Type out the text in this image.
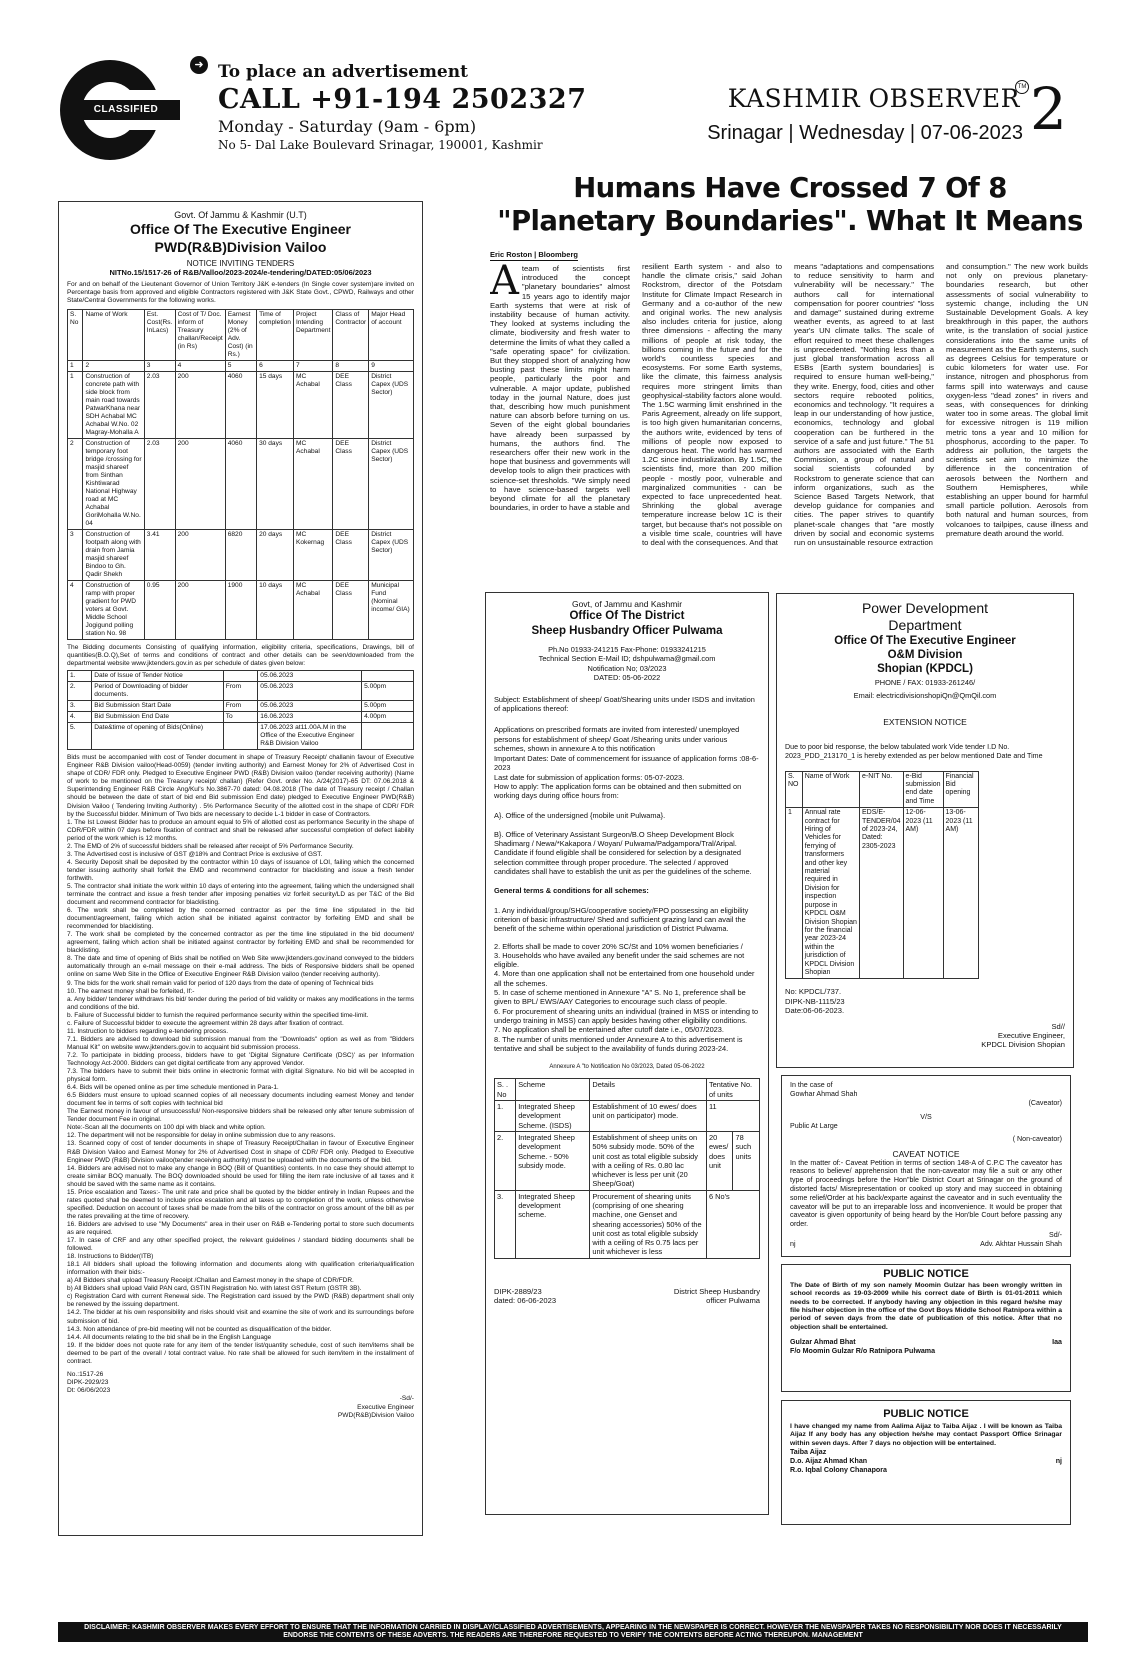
CLASSIFIED
➜ To place an advertisement
CALL +91-194 2502327
Monday - Saturday (9am - 6pm)
No 5- Dal Lake Boulevard Srinagar, 190001, Kashmir
KASHMIR OBSERVER
TM
Srinagar | Wednesday | 07-06-2023 2
Humans Have Crossed 7 Of 8 "Planetary Boundaries". What It Means
Eric Roston | Bloomberg
Ateam of scientists first introduced the concept "planetary boundaries" almost 15 years ago to identify major Earth systems that were at risk of instability because of human activity. They looked at systems including the climate, biodiversity and fresh water to determine the limits of what they called a "safe operating space" for civilization. But they stopped short of analyzing how busting past these limits might harm people, particularly the poor and vulnerable. A major update, published today in the journal Nature, does just that, describing how much punishment nature can absorb before turning on us. Seven of the eight global boundaries have already been surpassed by humans, the authors find. The researchers offer their new work in the hope that business and governments will develop tools to align their practices with science-set thresholds. "We simply need to have science-based targets well beyond climate for all the planetary boundaries, in order to have a stable and
resilient Earth system - and also to handle the climate crisis," said Johan Rockstrom, director of the Potsdam Institute for Climate Impact Research in Germany and a co-author of the new and original works. The new analysis also includes criteria for justice, along three dimensions - affecting the many millions of people at risk today, the billions coming in the future and for the world's countless species and ecosystems. For some Earth systems, like the climate, this fairness analysis requires more stringent limits than geophysical-stability factors alone would. The 1.5C warming limit enshrined in the Paris Agreement, already on life support, is too high given humanitarian concerns, the authors write, evidenced by tens of millions of people now exposed to dangerous heat. The world has warmed 1.2C since industrialization. By 1.5C, the scientists find, more than 200 million people - mostly poor, vulnerable and marginalized communities - can be expected to face unprecedented heat. Shrinking the global average temperature increase below 1C is their target, but because that's not possible on a visible time scale, countries will have to deal with the consequences. And that
means "adaptations and compensations to reduce sensitivity to harm and vulnerability will be necessary." The authors call for international compensation for poorer countries' "loss and damage" sustained during extreme weather events, as agreed to at last year's UN climate talks. The scale of effort required to meet these challenges is unprecedented. "Nothing less than a just global transformation across all ESBs [Earth system boundaries] is required to ensure human well-being," they write. Energy, food, cities and other sectors require rebooted politics, economics and technology. "It requires a leap in our understanding of how justice, economics, technology and global cooperation can be furthered in the service of a safe and just future." The 51 authors are associated with the Earth Commission, a group of natural and social scientists cofounded by Rockstrom to generate science that can inform organizations, such as the Science Based Targets Network, that develop guidance for companies and cities. The paper strives to quantify planet-scale changes that "are mostly driven by social and economic systems run on unsustainable resource extraction
and consumption." The new work builds not only on previous planetary-boundaries research, but other assessments of social vulnerability to systemic change, including the UN Sustainable Development Goals. A key breakthrough in this paper, the authors write, is the translation of social justice considerations into the same units of measurement as the Earth systems, such as degrees Celsius for temperature or cubic kilometers for water use. For instance, nitrogen and phosphorus from farms spill into waterways and cause oxygen-less "dead zones" in rivers and seas, with consequences for drinking water too in some areas. The global limit for excessive nitrogen is 119 million metric tons a year and 10 million for phosphorus, according to the paper. To address air pollution, the targets the scientists set aim to minimize the difference in the concentration of aerosols between the Northern and Southern Hemispheres, while establishing an upper bound for harmful small particle pollution. Aerosols from both natural and human sources, from volcanoes to tailpipes, cause illness and premature death around the world.
Govt. Of Jammu & Kashmir (U.T)
Office Of The Executive Engineer
PWD(R&B)Division Vailoo
NOTICE INVITING TENDERS
NITNo.15/1517-26 of R&B/Valloo/2023-2024/e-tendering/DATED:05/06/2023
For and on behalf of the Lieutenant Governor of Union Territory J&K e-tenders (In Single cover system)are invited on Percentage basis from approved and eligible Contractors registered with J&K State Govt., CPWD, Railways and other State/Central Governments for the following works.
S. No	Name of Work	Est. Cost(Rs. InLacs)	Cost of T/ Doc. inform of Treasury challan/Receipt (in Rs)	Earnest Money (2% of Adv. Cost) (in Rs.)	Time of completion	Project Intending Department	Class of Contractor	Major Head of account
1	2	3	4	5	6	7	8	9
1	Construction of concrete path with side block from main road towards PatwarKhana near SDH Achabal MC Achabal W.No. 02 Magray-Mohalla A	2.03	200	4060	15 days	MC Achabal	DEE Class	District Capex (UDS Sector)
2	Construction of temporary foot bridge /crossing for masjid shareef from Sinthan Kishtiwarad National Highway road at MC Achabal GoriMohalla W.No. 04	2.03	200	4060	30 days	MC Achabal	DEE Class	District Capex (UDS Sector)
3	Construction of footpath along with drain from Jamia masjid shareef Bindoo to Gh. Qadir Shekh	3.41	200	6820	20 days	MC Kokernag	DEE Class	District Capex (UDS Sector)
4	Construction of ramp with proper gradient for PWD voters at Govt. Middle School Jogigund polling station No. 98	0.95	200	1900	10 days	MC Achabal	DEE Class	Municipal Fund (Nominal income/ GIA)
The Bidding documents Consisting of qualifying information, eligibility criteria, specifications, Drawings, bill of quantities(B.O.Q),Set of terms and conditions of contract and other details can be seen/downloaded from the departmental website www.jktenders.gov.in as per schedule of dates given below:
1.	Date of Issue of Tender Notice		05.06.2023	
2.	Period of Downloading of bidder documents.	From	05.06.2023	5.00pm
3.	Bid Submission Start Date	From	05.06.2023	5.00pm
4.	Bid Submission End Date	To	16.06.2023	4.00pm
5.	Date&time of opening of Bids(Online)		17.06.2023 at11.00A.M in the Office of the Executive Engineer R&B Division Vailoo	
Bids must be accompanied with cost of Tender document in shape of Treasury Receipt/ challanin favour of Executive Engineer R&B Division vailoo(Head-0059) (tender inviting authority) and Earnest Money for 2% of Advertised Cost in shape of CDR/ FDR only. Pledged to Executive Engineer PWD (R&B) Division vailoo (tender receiving authority) (Name of work to be mentioned on the Treasury receipt/ challan) (Refer Govt. order No. A/24(2017)-65 DT: 07.06.2018 & Superintending Engineer R&B Circle Ang/Kul's No.3867-70 dated: 04.08.2018 (The date of Treasury receipt / Challan should be between the date of start of bid end Bid submission End date) pledged to Executive Engineer PWD(R&B) Division Vailoo ( Tendering Inviting Authority) . 5% Performance Security of the allotted cost in the shape of CDR/ FDR by the Successful bidder. Minimum of Two bids are necessary to decide L-1 bidder in case of Contractors.
1. The Ist Lowest Bidder has to produce an amount equal to 5% of allotted cost as performance Security in the shape of CDR/FDR within 07 days before fixation of contract and shall be released after successful completion of defect liability period of the work which is 12 months.
2. The EMD of 2% of successful bidders shall be released after receipt of 5% Performance Security.
3. The Advertised cost is inclusive of GST @18% and Contract Price is exclusive of GST.
4. Security Deposit shall be deposited by the contractor within 10 days of issuance of LOI, failing which the concerned tender issuing authority shall forfeit the EMD and recommend contractor for blacklisting and issue a fresh tender forthwith.
5. The contractor shall initiate the work within 10 days of entering into the agreement, failing which the undersigned shall terminate the contract and issue a fresh tender after imposing penalties viz forfeit security/LD as per T&C of the Bid document and recommend contractor for blacklisting.
6. The work shall be completed by the concerned contractor as per the time line stipulated in the bid document/agreement, failing which action shall be initiated against contractor by forfeiting EMD and shall be recommended for blacklisting.
7. The work shall be completed by the concerned contractor as per the time line stipulated in the bid document/ agreement, failing which action shall be initiated against contractor by forfeiting EMD and shall be recommended for blacklisting.
8. The date and time of opening of Bids shall be notified on Web Site www.jktenders.gov.inand conveyed to the bidders automatically through an e-mail message on their e-mail address. The bids of Responsive bidders shall be opened online on same Web Site in the Office of Executive Engineer R&B Division vailoo (tender receiving authority).
9. The bids for the work shall remain valid for period of 120 days from the date of opening of Technical bids
10. The earnest money shall be forfeited, If:-
a. Any bidder/ tenderer withdraws his bid/ tender during the period of bid validity or makes any modifications in the terms and conditions of the bid.
b. Failure of Successful bidder to furnish the required performance security within the specified time-limit.
c. Failure of Successful bidder to execute the agreement within 28 days after fixation of contract.
11. Instruction to bidders regarding e-tendering process.
7.1. Bidders are advised to download bid submission manual from the "Downloads" option as well as from "Bidders Manual Kit" on website www.jktenders.gov.in to acquaint bid submission process.
7.2. To participate in bidding process, bidders have to get 'Digital Signature Certificate (DSC)' as per Information Technology Act-2000. Bidders can get digital certificate from any approved Vendor.
7.3. The bidders have to submit their bids online in electronic format with digital Signature. No bid will be accepted in physical form.
6.4. Bids will be opened online as per time schedule mentioned in Para-1.
6.5 Bidders must ensure to upload scanned copies of all necessary documents including earnest Money and tender document fee in terms of soft copies with technical bid
The Earnest money in favour of unsuccessful/ Non-responsive bidders shall be released only after tenure submission of Tender document Fee in original.
Note:-Scan all the documents on 100 dpi with black and white option.
12. The department will not be responsible for delay in online submission due to any reasons.
13. Scanned copy of cost of tender documents in shape of Treasury Receipt/Challan in favour of Executive Engineer R&B Division Vailoo and Earnest Money for 2% of Advertised Cost in shape of CDR/ FDR only. Pledged to Executive Engineer PWD (R&B) Division vailoo(tender receiving authority) must be uploaded with the documents of the bid.
14. Bidders are advised not to make any change in BOQ (Bill of Quantities) contents. In no case they should attempt to create similar BOQ manually. The BOQ downloaded should be used for filling the item rate inclusive of all taxes and it should be saved with the same name as it contains.
15. Price escalation and Taxes:- The unit rate and price shall be quoted by the bidder entirely in Indian Rupees and the rates quoted shall be deemed to include price escalation and all taxes up to completion of the work, unless otherwise specified. Deduction on account of taxes shall be made from the bills of the contractor on gross amount of the bill as per the rates prevailing at the time of recovery.
16. Bidders are advised to use "My Documents" area in their user on R&B e-Tendering portal to store such documents as are required.
17. In case of CRF and any other specified project, the relevant guidelines / standard bidding documents shall be followed.
18. Instructions to Bidder(ITB)
18.1 All bidders shall upload the following information and documents along with qualification criteria/qualification information with their bids:-
a) All Bidders shall upload Treasury Receipt /Challan and Earnest money in the shape of CDR/FDR.
b) All Bidders shall upload Valid PAN card, GSTIN Registration No. with latest GST Return (GSTR 3B).
c) Registration Card with current Renewal side. The Registration card issued by the PWD (R&B) department shall only be renewed by the issuing department.
14.2. The bidder at his own responsibility and risks should visit and examine the site of work and its surroundings before submission of bid.
14.3. Non attendance of pre-bid meeting will not be counted as disqualification of the bidder.
14.4. All documents relating to the bid shall be in the English Language
19. If the bidder does not quote rate for any item of the tender list/quantity schedule, cost of such item/items shall be deemed to be part of the overall / total contract value. No rate shall be allowed for such item/item in the installment of contract.
No.:1517-26
DIPK-2929/23
Dt: 06/06/2023
-Sd/-
Executive Engineer
PWD(R&B)Division Vailoo
Govt, of Jammu and Kashmir
Office Of The District
Sheep Husbandry Officer Pulwama
Ph.No 01933-241215 Fax-Phone: 01933241215
Technical Section E-Mail ID; dshpulwama@gmail.com
Notification No; 03/2023
DATED: 05-06-2022

Subject: Establishment of sheep/ Goat/Shearing units under ISDS and invitation of applications thereof:

Applications on prescribed formats are invited from interested/ unemployed persons for establishment of sheep/ Goat /Shearing units under various schemes, shown in annexure A to this notification

Important Dates: Date of commencement for issuance of application forms :08-6-2023

Last date for submission of application forms: 05-07-2023.

How to apply: The application forms can be obtained and then submitted on working days during office hours from:

A}. Office of the undersigned {mobile unit Pulwama}.

B}. Office of Veterinary Assistant Surgeon/B.O Sheep Development Block Shadimarg / Newa/*Kakapora / Woyan/ Pulwama/Padgampora/Tral/Aripal.

Candidate if found eligible shall be considered for selection by a designated selection committee through proper procedure. The selected / approved candidates shall have to establish the unit as per the guidelines of the scheme.

General terms & conditions for all schemes:

1. Any individual/group/SHG/cooperative society/FPO possessing an eligibility criterion of basic infrastructure/ Shed and sufficient grazing land can avail the benefit of the scheme within operational jurisdiction of District Pulwama.

2. Efforts shall be made to cover 20% SC/St and 10% women beneficiaries /

3. Households who have availed any benefit under the said schemes are not eligible.

4. More than one application shall not be entertained from one household under all the schemes.

5. In case of scheme mentioned in Annexure "A" S. No 1, preference shall be given to BPL/ EWS/AAY Categories to encourage such class of people.

6. For procurement of shearing units an individual (trained in MSS or intending to undergo training in MSS) can apply besides having other eligibility conditions.

7. No application shall be entertained after cutoff date i.e., 05/07/2023.

8. The number of units mentioned under Annexure A to this advertisement is tentative and shall be subject to the availability of funds during 2023-24.

Annexure A "to Notification No 03/2023, Dated 05-06-2022

S. . No	Scheme	Details	Tentative No. of units	
1.	Integrated Sheep development Scheme. (ISDS)	Establishment of 10 ewes/ does unit on participator) mode.	11	
2.	Integrated Sheep development Scheme. - 50% subsidy mode.	Establishment of sheep units on 50% subsidy mode. 50% of the unit cost as total eligible subsidy with a ceiling of Rs. 0.80 lac whichever is less per unit (20 Sheep/Goat)	20 ewes/ does unit	78 such units
3.	Integrated Sheep development scheme.	Procurement of shearing units (comprising of one shearing machine, one Genset and shearing accessories) 50% of the unit cost as total eligible subsidy with a ceiling of Rs 0.75 lacs per unit whichever is less	6 No's	
DIPK-2889/23
dated: 06-06-2023
District Sheep Husbandry
officer Pulwama
Power Development
Department
Office Of The Executive Engineer
O&M Division
Shopian (KPDCL)
PHONE / FAX: 01933-261246/
Email: electricdivisionshopiQn@QmQil.com
EXTENSION NOTICE

Due to poor bid response, the below tabulated work Vide tender I.D No. 2023_PDD_213170_1 is hereby extended as per below mentioned Date and Time

S. NO	Name of Work	e-NIT No.	e-Bid submission end date and Time	Financial Bid opening
1	Annual rate contract for Hiring of Vehicles for ferrying of transformers and other key material required in Division for inspection purpose in KPDCL O&M Division Shopian for the financial year 2023-24 within the jurisdiction of KPDCL Division Shopian	EDS/E-TENDER/04 of 2023-24, Dated: 2305-2023	12-06-2023 (11 AM)	13-06-2023 (11 AM)
No: KPDCL/737.
DIPK-NB-1115/23
Date:06-06-2023.
Sd//
Executive Engineer,
KPDCL Division Shopian
In the case of
Gowhar Ahmad Shah
(Caveator)
V/S
Public At Large
( Non-caveator)
CAVEAT NOTICE
In the matter of:- Caveat Petition in terms of section 148-A of C.P.C The caveator has reasons to believe/ apprehension that the non-caveator may file a suit or any other type of proceedings before the Hon"ble District Court at Srinagar on the ground of distorted facts/ Misrepresentation or cooked up story and may succeed in obtaining some relief/Order at his back/exparte against the caveator and in such eventuality the caveator will be put to an irreparable loss and inconvenience. It would be proper that caveator is given opportunity of being heard by the Hon'ble Court before passing any order.
Sd/-
nj	Adv. Akhtar Hussain Shah
PUBLIC NOTICE
The Date of Birth of my son namely Moomin Gulzar has been wrongly written in school records as 19-03-2009 while his correct date of Birth is 01-01-2011 which needs to be corrected. If anybody having any objection in this regard he/she may file his/her objection in the office of the Govt Boys Middle School Ratnipora within a period of seven days from the date of publication of this notice. After that no objection shall be entertained.
Gulzar Ahmad Bhat	Iaa
F/o Moomin Gulzar R/o Ratnipora Pulwama
PUBLIC NOTICE
I have changed my name from Aalima Aijaz to Taiba Aijaz . I will be known as Taiba Aijaz If any body has any objection he/she may contact Passport Office Srinagar within seven days. After 7 days no objection will be entertained.
Taiba Aijaz
D.o. Aijaz Ahmad Khan	nj
R.o. Iqbal Colony Chanapora
DISCLAIMER: KASHMIR OBSERVER MAKES EVERY EFFORT TO ENSURE THAT THE INFORMATION CARRIED IN DISPLAY/CLASSIFIED ADVERTISEMENTS, APPEARING IN THE NEWSPAPER IS CORRECT. HOWEVER THE NEWSPAPER TAKES NO RESPONSIBILITY NOR DOES IT NECESSARILY ENDORSE THE CONTENTS OF THESE ADVERTS. THE READERS ARE THEREFORE REQUESTED TO VERIFY THE CONTENTS BEFORE ACTING THEREUPON. MANAGEMENT
